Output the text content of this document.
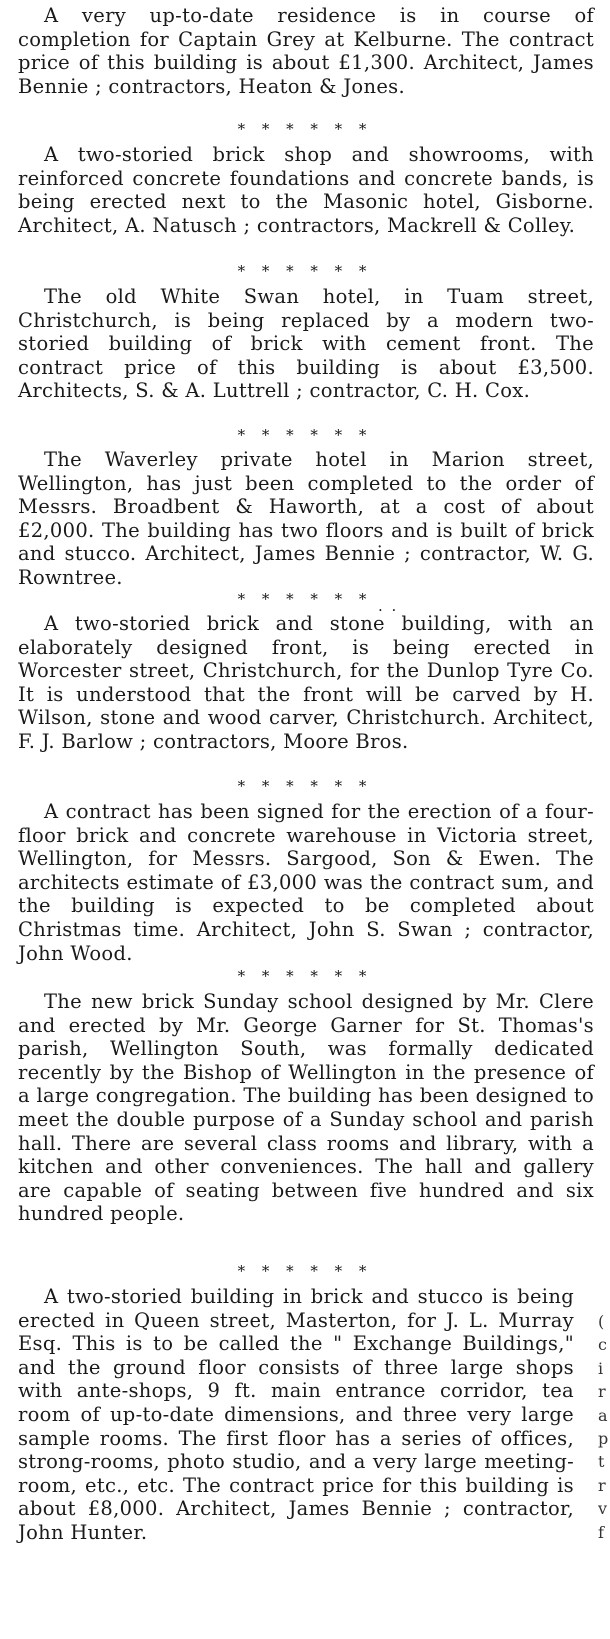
A very up-to-date residence is in course of completion for Captain Grey at Kelburne. The contract price of this building is about £1,300. Architect, James Bennie ; contractors, Heaton & Jones.

* * * * * *

A two-storied brick shop and showrooms, with reinforced concrete foundations and concrete bands, is being erected next to the Masonic hotel, Gisborne. Architect, A. Natusch ; contractors, Mackrell & Colley.

* * * * * *

The old White Swan hotel, in Tuam street, Christchurch, is being replaced by a modern two-storied building of brick with cement front. The contract price of this building is about £3,500. Architects, S. & A. Luttrell ; contractor, C. H. Cox.

* * * * * *

The Waverley private hotel in Marion street, Wellington, has just been completed to the order of Messrs. Broadbent & Haworth, at a cost of about £2,000. The building has two floors and is built of brick and stucco. Architect, James Bennie ; contractor, W. G. Rowntree.

* * * * * * . .

A two-storied brick and stone building, with an elaborately designed front, is being erected in Worcester street, Christchurch, for the Dunlop Tyre Co. It is understood that the front will be carved by H. Wilson, stone and wood carver, Christchurch. Architect, F. J. Barlow ; contractors, Moore Bros.

* * * * * *

A contract has been signed for the erection of a four-floor brick and concrete warehouse in Victoria street, Wellington, for Messrs. Sargood, Son & Ewen. The architects estimate of £3,000 was the contract sum, and the building is expected to be completed about Christmas time. Architect, John S. Swan ; contractor, John Wood.

* * * * * *

The new brick Sunday school designed by Mr. Clere and erected by Mr. George Garner for St. Thomas's parish, Wellington South, was formally dedicated recently by the Bishop of Wellington in the presence of a large congregation. The building has been designed to meet the double purpose of a Sunday school and parish hall. There are several class rooms and library, with a kitchen and other conveniences. The hall and gallery are capable of seating between five hundred and six hundred people.

* * * * * *

A two-storied building in brick and stucco is being erected in Queen street, Masterton, for J. L. Murray Esq. This is to be called the " Exchange Buildings," and the ground floor consists of three large shops with ante-shops, 9 ft. main entrance corridor, tea room of up-to-date dimensions, and three very large sample rooms. The first floor has a series of offices, strong-rooms, photo studio, and a very large meeting-room, etc., etc. The contract price for this building is about £8,000. Architect, James Bennie ; contractor, John Hunter.

(
c
i
r
a
p
t
r
v
f
